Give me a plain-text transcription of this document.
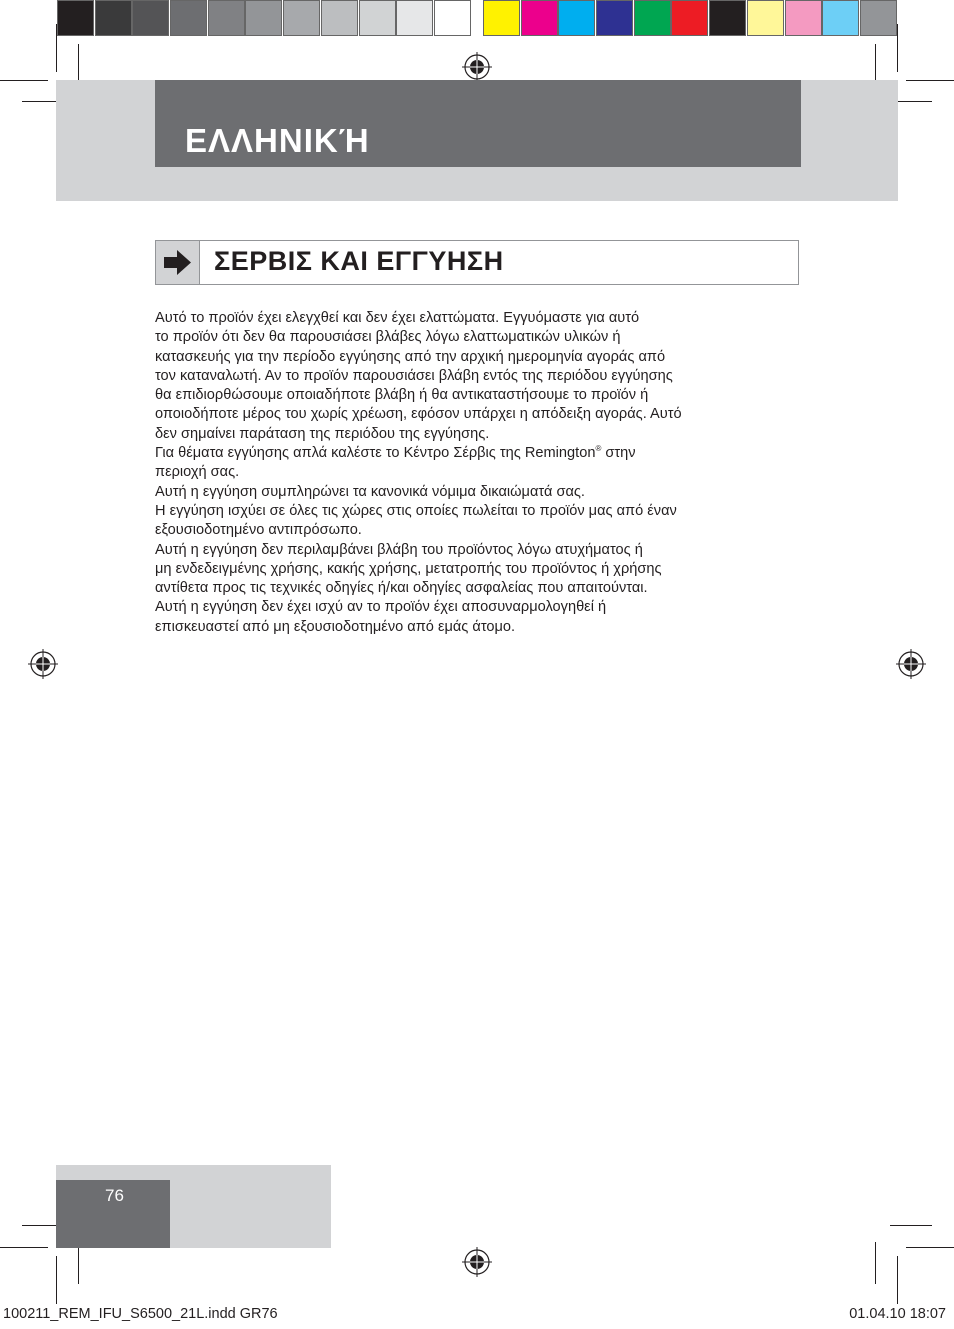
ΕΛΛΗΝΙΚΉ
ΣΕΡΒΙΣ ΚΑΙ ΕΓΓΥΗΣΗ

Αυτό το προϊόν έχει ελεγχθεί και δεν έχει ελαττώματα. Εγγυόμαστε για αυτό

το προϊόν ότι δεν θα παρουσιάσει βλάβες λόγω ελαττωματικών υλικών ή

κατασκευής για την περίοδο εγγύησης από την αρχική ημερομηνία αγοράς από

τον καταναλωτή. Αν το προϊόν παρουσιάσει βλάβη εντός της περιόδου εγγύησης

θα επιδιορθώσουμε οποιαδήποτε βλάβη ή θα αντικαταστήσουμε το προϊόν ή

οποιοδήποτε μέρος του χωρίς χρέωση, εφόσον υπάρχει η απόδειξη αγοράς. Αυτό

δεν σημαίνει παράταση της περιόδου της εγγύησης.

Για θέματα εγγύησης απλά καλέστε το Κέντρο Σέρβις της Remington® στην

περιοχή σας.

Αυτή η εγγύηση συμπληρώνει τα κανονικά νόμιμα δικαιώματά σας.

Η εγγύηση ισχύει σε όλες τις χώρες στις οποίες πωλείται το προϊόν μας από έναν

εξουσιοδοτημένο αντιπρόσωπο.

Αυτή η εγγύηση δεν περιλαμβάνει βλάβη του προϊόντος λόγω ατυχήματος ή

μη ενδεδειγμένης χρήσης, κακής χρήσης, μετατροπής του προϊόντος ή χρήσης

αντίθετα προς τις τεχνικές οδηγίες ή/και οδηγίες ασφαλείας που απαιτούνται.

Αυτή η εγγύηση δεν έχει ισχύ αν το προϊόν έχει αποσυναρμολογηθεί ή

επισκευαστεί από μη εξουσιοδοτημένο από εμάς άτομο.

76
100211_REM_IFU_S6500_21L.indd GR76	01.04.10 18:07
